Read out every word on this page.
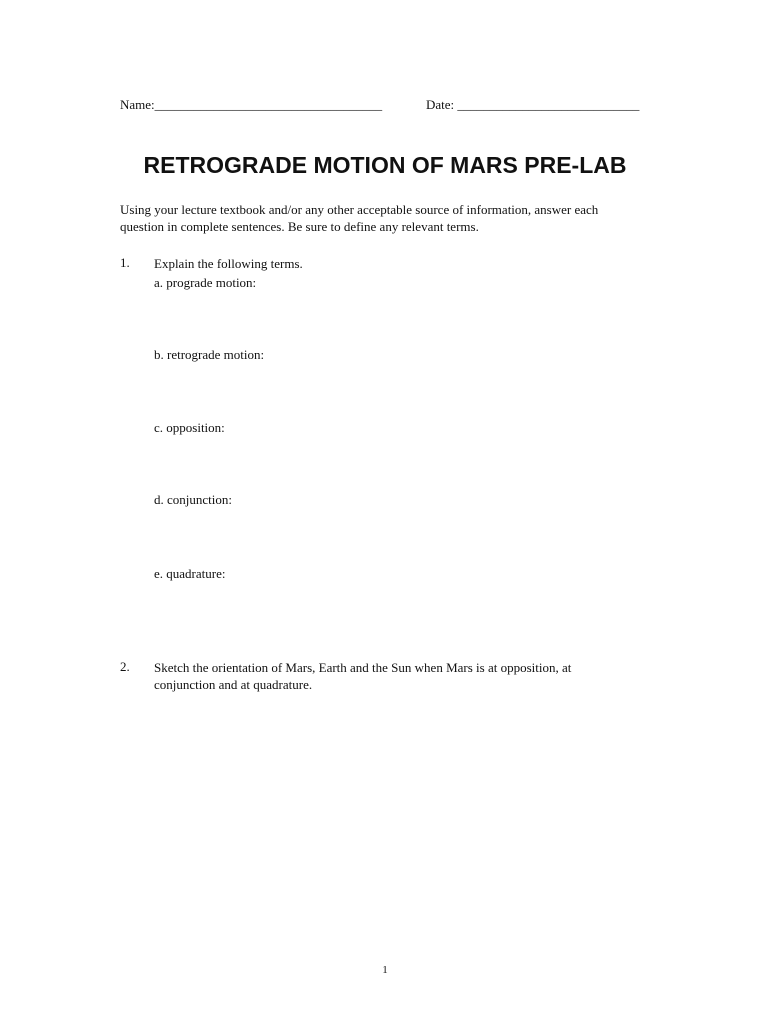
Name:___________________________________	Date: ____________________________
RETROGRADE MOTION OF MARS PRE-LAB
Using your lecture textbook and/or any other acceptable source of information, answer each
question in complete sentences. Be sure to define any relevant terms.
1. Explain the following terms.
a. prograde motion:
b. retrograde motion:
c. opposition:
d. conjunction:
e. quadrature:
2. Sketch the orientation of Mars, Earth and the Sun when Mars is at opposition, at
conjunction and at quadrature.
1
